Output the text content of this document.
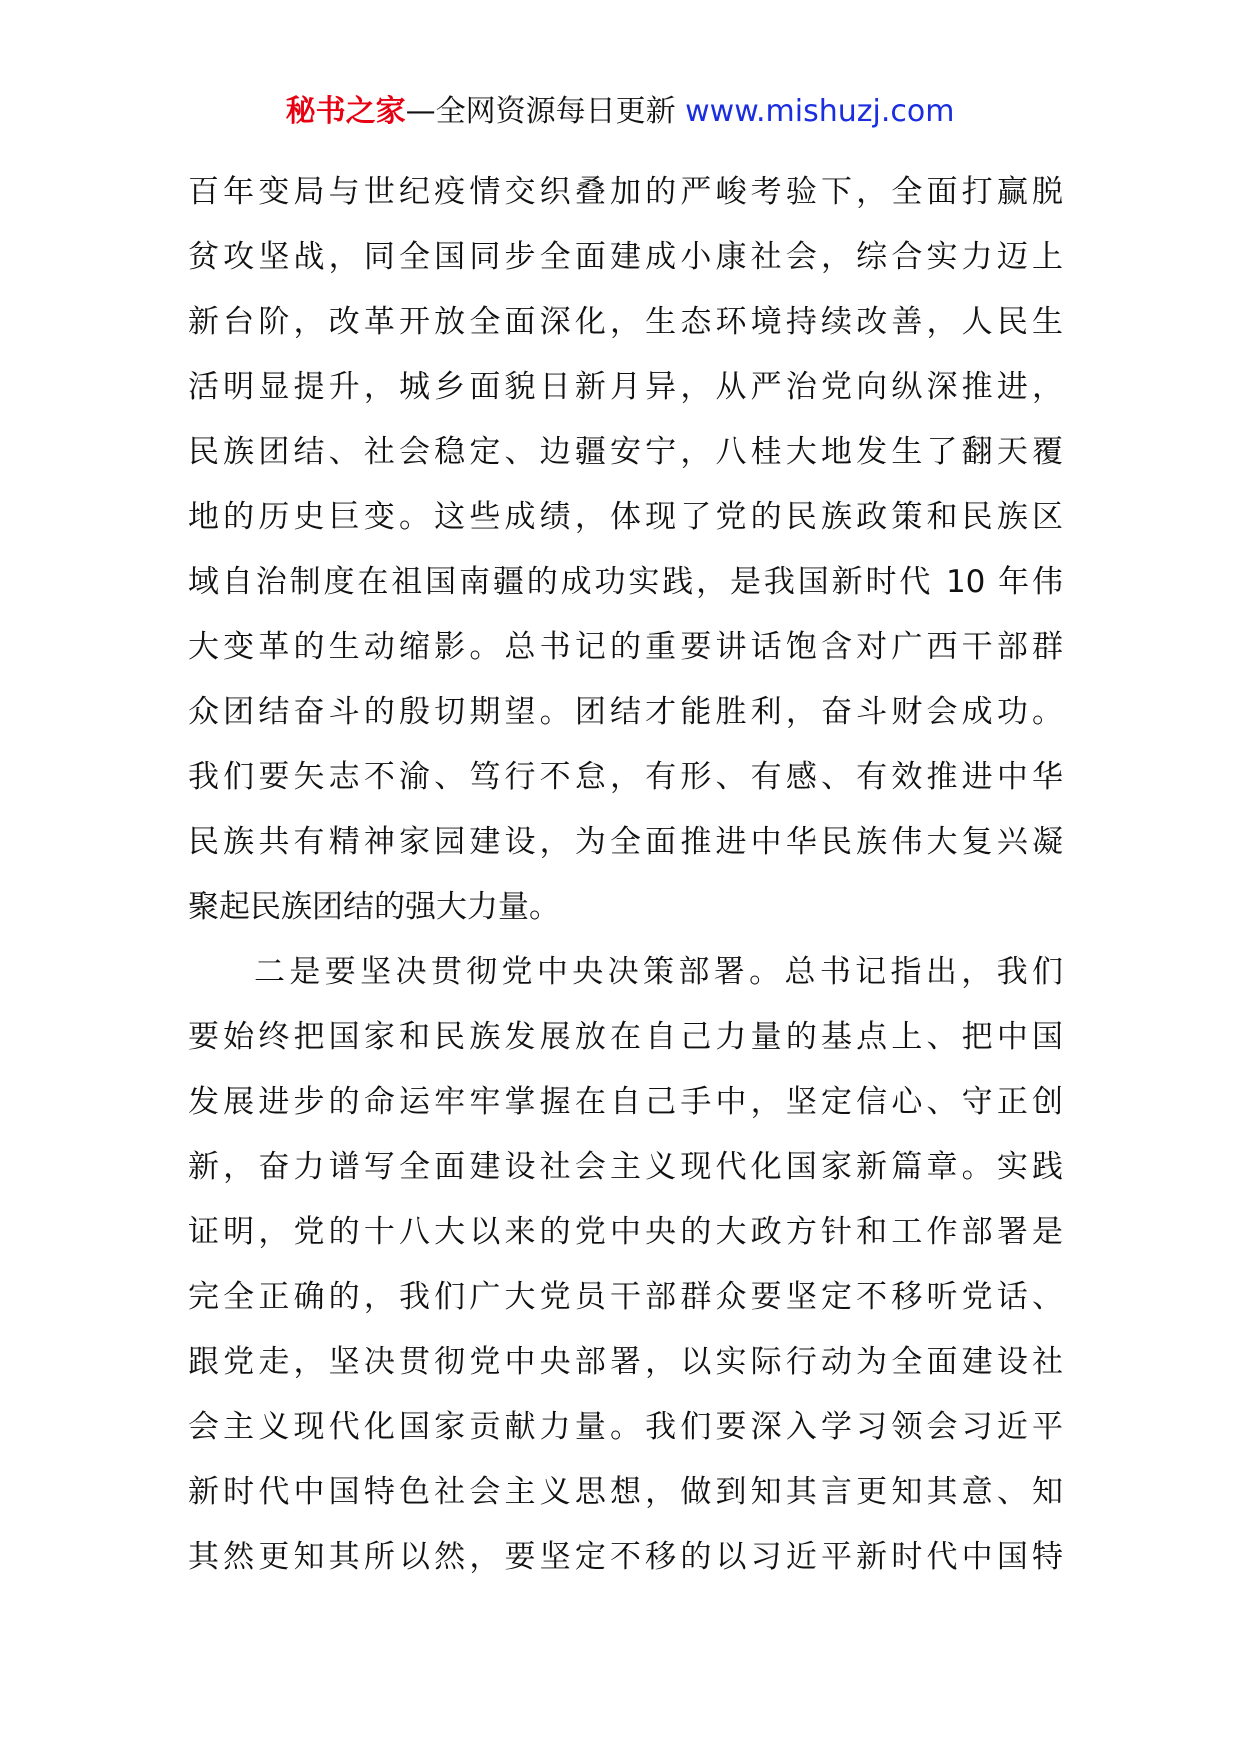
秘书之家—全网资源每日更新 www.mishuzj.com
百年变局与世纪疫情交织叠加的严峻考验下，全面打赢脱
贫攻坚战，同全国同步全面建成小康社会，综合实力迈上
新台阶，改革开放全面深化，生态环境持续改善，人民生
活明显提升，城乡面貌日新月异，从严治党向纵深推进，
民族团结、社会稳定、边疆安宁，八桂大地发生了翻天覆
地的历史巨变。这些成绩，体现了党的民族政策和民族区
域自治制度在祖国南疆的成功实践，是我国新时代 10 年伟
大变革的生动缩影。总书记的重要讲话饱含对广西干部群
众团结奋斗的殷切期望。团结才能胜利，奋斗财会成功。
我们要矢志不渝、笃行不怠，有形、有感、有效推进中华
民族共有精神家园建设，为全面推进中华民族伟大复兴凝
聚起民族团结的强大力量。
二是要坚决贯彻党中央决策部署。总书记指出，我们
要始终把国家和民族发展放在自己力量的基点上、把中国
发展进步的命运牢牢掌握在自己手中，坚定信心、守正创
新，奋力谱写全面建设社会主义现代化国家新篇章。实践
证明，党的十八大以来的党中央的大政方针和工作部署是
完全正确的，我们广大党员干部群众要坚定不移听党话、
跟党走，坚决贯彻党中央部署，以实际行动为全面建设社
会主义现代化国家贡献力量。我们要深入学习领会习近平
新时代中国特色社会主义思想，做到知其言更知其意、知
其然更知其所以然，要坚定不移的以习近平新时代中国特
